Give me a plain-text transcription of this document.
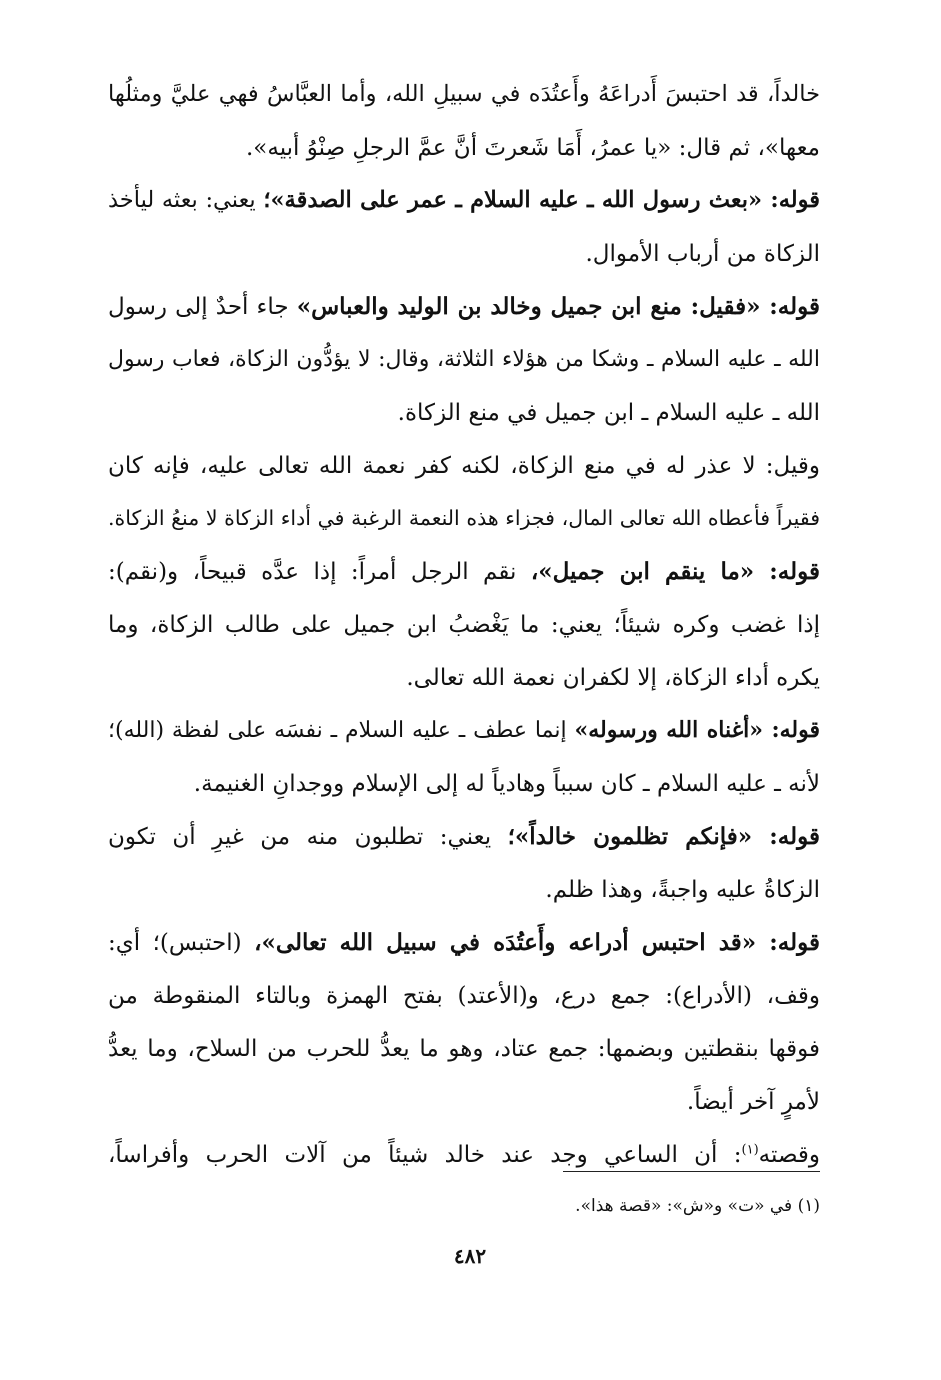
خالداً، قد احتبسَ أَدراعَهُ وأَعتُدَه في سبيلِ الله، وأما العبَّاسُ فهي عليَّ ومثلُها
معها»، ثم قال: «يا عمرُ، أَمَا شَعرتَ أنَّ عمَّ الرجلِ صِنْوُ أبيه».
قوله: «بعث رسول الله ـ عليه السلام ـ عمر على الصدقة»؛ يعني: بعثه ليأخذ
الزكاة من أرباب الأموال.
قوله: «فقيل: منع ابن جميل وخالد بن الوليد والعباس» جاء أحدٌ إلى رسول
الله ـ عليه السلام ـ وشكا من هؤلاء الثلاثة، وقال: لا يؤدُّون الزكاة، فعاب رسول
الله ـ عليه السلام ـ ابن جميل في منع الزكاة.
وقيل: لا عذر له في منع الزكاة، لكنه كفر نعمة الله تعالى عليه، فإنه كان
فقيراً فأعطاه الله تعالى المال، فجزاء هذه النعمة الرغبة في أداء الزكاة لا منعُ الزكاة.
قوله: «ما ينقم ابن جميل»، نقم الرجل أمراً: إذا عدَّه قبيحاً، و(نقم):
إذا غضب وكره شيئاً؛ يعني: ما يَغْضبُ ابن جميل على طالب الزكاة، وما
يكره أداء الزكاة، إلا لكفران نعمة الله تعالى.
قوله: «أغناه الله ورسوله» إنما عطف ـ عليه السلام ـ نفسَه على لفظة (الله)؛
لأنه ـ عليه السلام ـ كان سبباً وهادياً له إلى الإسلام ووجدانِ الغنيمة.
قوله: «فإنكم تظلمون خالداً»؛ يعني: تطلبون منه من غيرِ أن تكون
الزكاةُ عليه واجبةً، وهذا ظلم.
قوله: «قد احتبس أدراعه وأَعتُدَه في سبيل الله تعالى»، (احتبس)؛ أي:
وقف، (الأدراع): جمع درع، و(الأعتد) بفتح الهمزة وبالتاء المنقوطة من
فوقها بنقطتين وبضمها: جمع عتاد، وهو ما يعدُّ للحرب من السلاح، وما يعدُّ
لأمرٍ آخر أيضاً.
وقصته$^{(١)}$: أن الساعي وجد عند خالد شيئاً من آلات الحرب وأفراساً،
(١) في «ت» و«ش»: «قصة هذا».
٤٨٢
